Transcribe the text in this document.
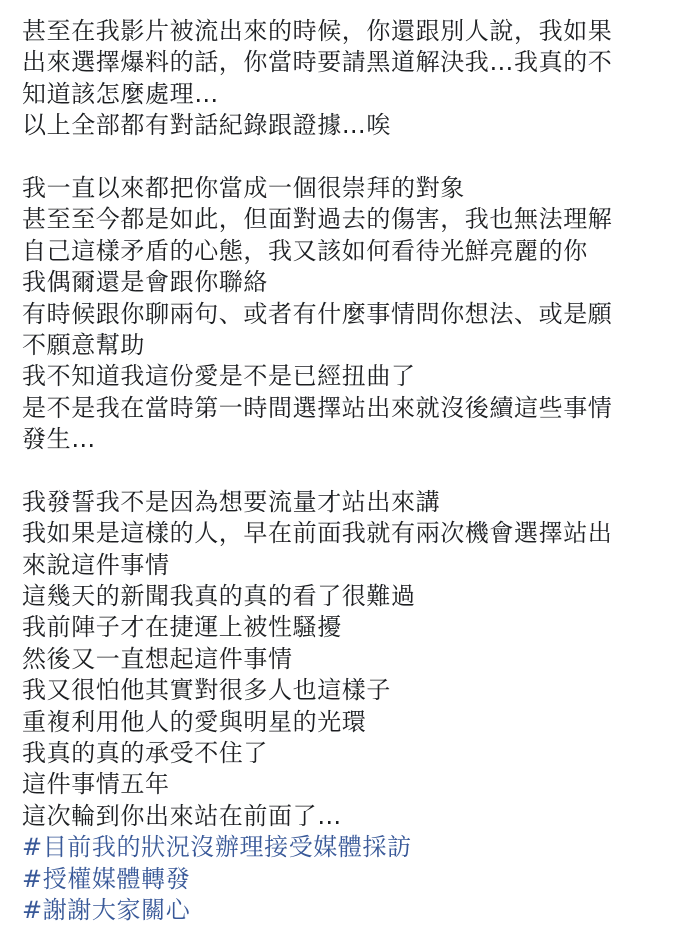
甚至在我影片被流出來的時候，你還跟別人說，我如果
出來選擇爆料的話，你當時要請黑道解決我…我真的不
知道該怎麼處理…
以上全部都有對話紀錄跟證據…唉
我一直以來都把你當成一個很崇拜的對象
甚至至今都是如此，但面對過去的傷害，我也無法理解
自己這樣矛盾的心態，我又該如何看待光鮮亮麗的你
我偶爾還是會跟你聯絡
有時候跟你聊兩句、或者有什麼事情問你想法、或是願
不願意幫助
我不知道我這份愛是不是已經扭曲了
是不是我在當時第一時間選擇站出來就沒後續這些事情
發生…
我發誓我不是因為想要流量才站出來講
我如果是這樣的人，早在前面我就有兩次機會選擇站出
來說這件事情
這幾天的新聞我真的真的看了很難過
我前陣子才在捷運上被性騷擾
然後又一直想起這件事情
我又很怕他其實對很多人也這樣子
重複利用他人的愛與明星的光環
我真的真的承受不住了
這件事情五年
這次輪到你出來站在前面了…
#目前我的狀況沒辦理接受媒體採訪
#授權媒體轉發
#謝謝大家關心
